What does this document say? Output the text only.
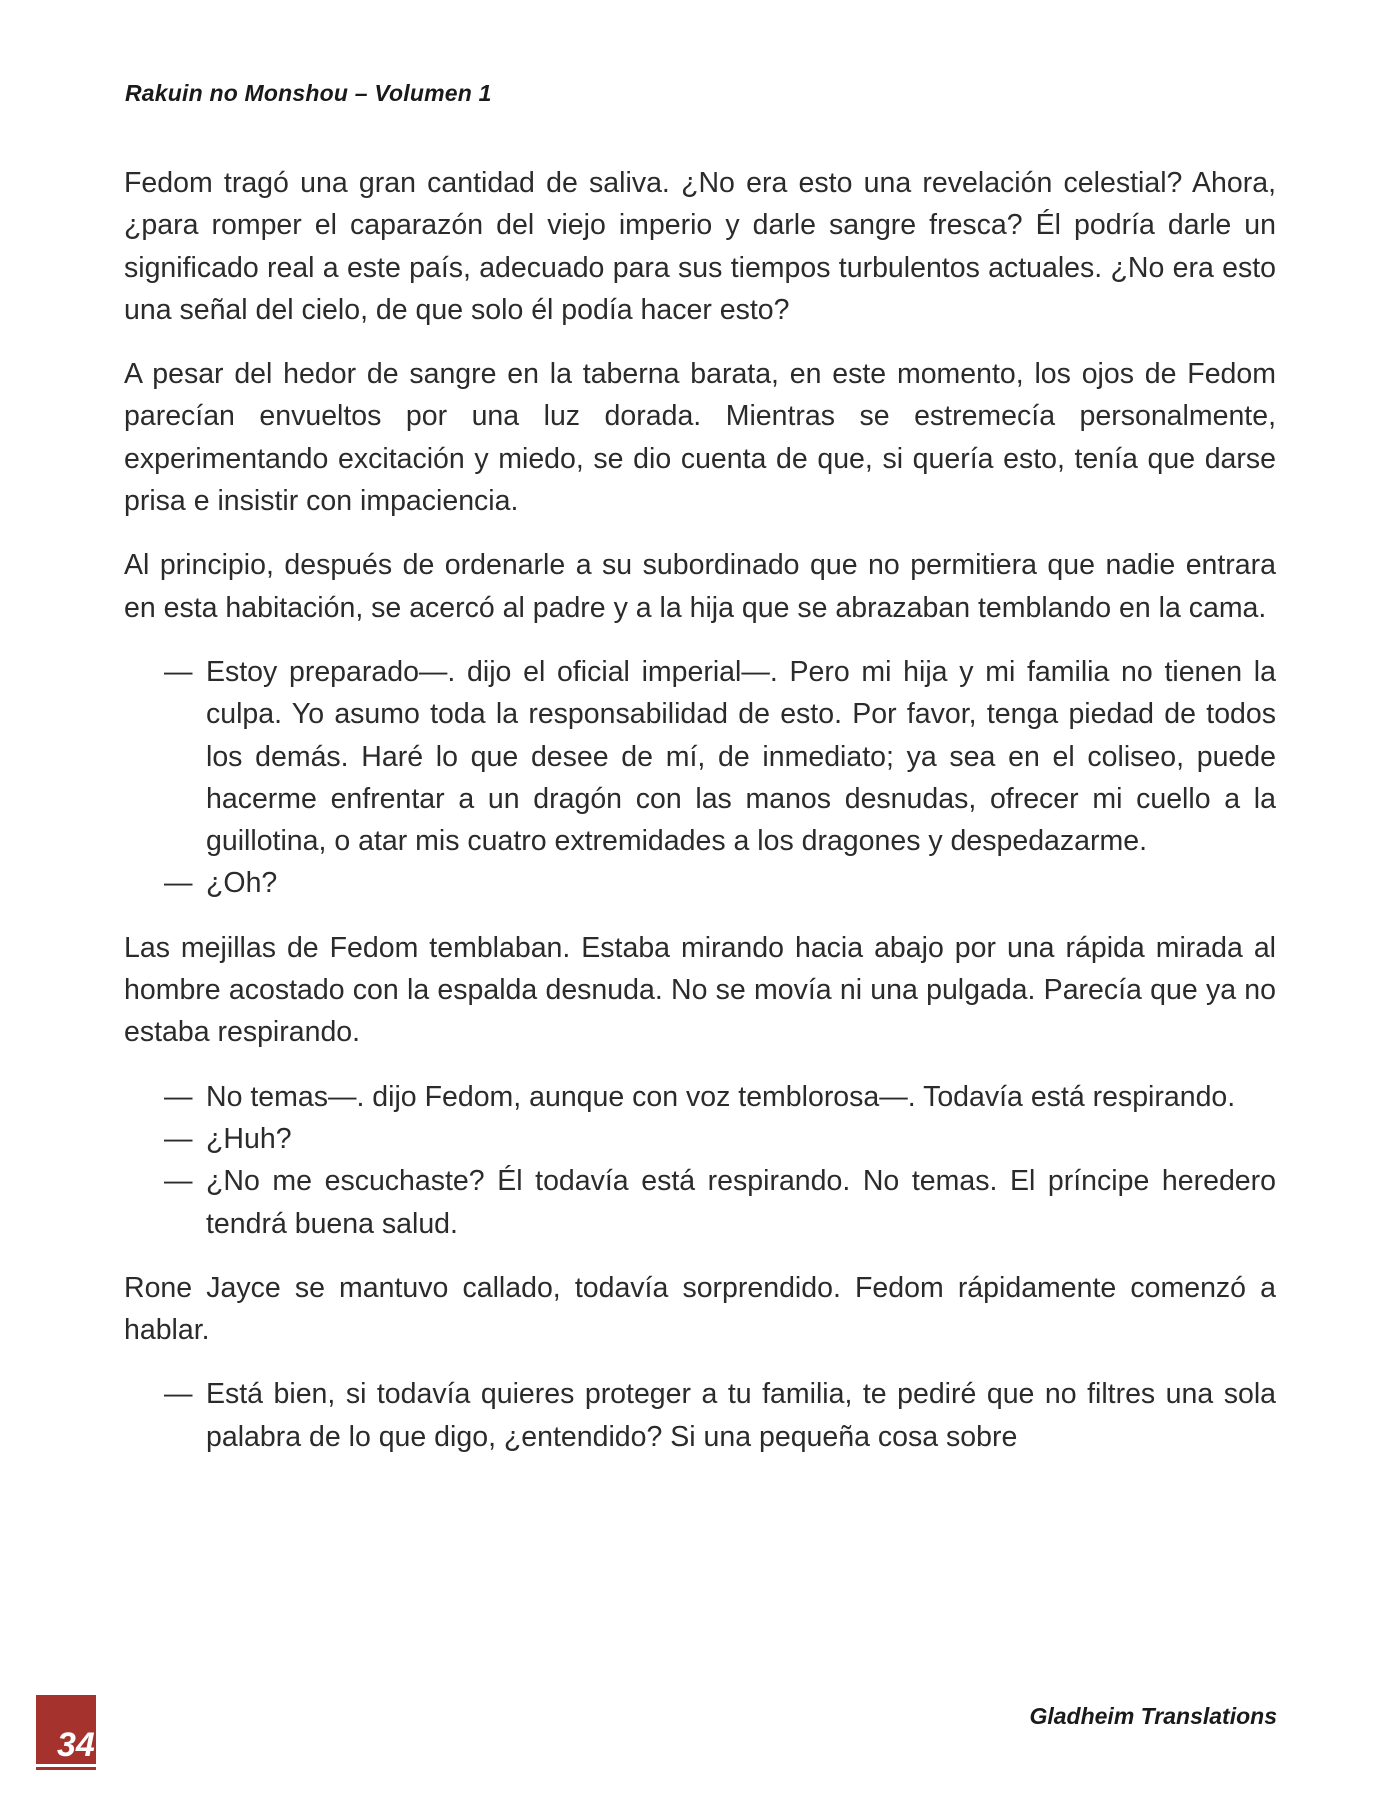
Rakuin no Monshou – Volumen 1

Fedom tragó una gran cantidad de saliva. ¿No era esto una revelación celestial? Ahora, ¿para romper el caparazón del viejo imperio y darle sangre fresca? Él podría darle un significado real a este país, adecuado para sus tiempos turbulentos actuales. ¿No era esto una señal del cielo, de que solo él podía hacer esto?

A pesar del hedor de sangre en la taberna barata, en este momento, los ojos de Fedom parecían envueltos por una luz dorada. Mientras se estremecía personalmente, experimentando excitación y miedo, se dio cuenta de que, si quería esto, tenía que darse prisa e insistir con impaciencia.

Al principio, después de ordenarle a su subordinado que no permitiera que nadie entrara en esta habitación, se acercó al padre y a la hija que se abrazaban temblando en la cama.

— Estoy preparado—. dijo el oficial imperial—. Pero mi hija y mi familia no tienen la culpa. Yo asumo toda la responsabilidad de esto. Por favor, tenga piedad de todos los demás. Haré lo que desee de mí, de inmediato; ya sea en el coliseo, puede hacerme enfrentar a un dragón con las manos desnudas, ofrecer mi cuello a la guillotina, o atar mis cuatro extremidades a los dragones y despedazarme.
— ¿Oh?

Las mejillas de Fedom temblaban. Estaba mirando hacia abajo por una rápida mirada al hombre acostado con la espalda desnuda. No se movía ni una pulgada. Parecía que ya no estaba respirando.

— No temas—. dijo Fedom, aunque con voz temblorosa—. Todavía está respirando.
— ¿Huh?
— ¿No me escuchaste? Él todavía está respirando. No temas. El príncipe heredero tendrá buena salud.

Rone Jayce se mantuvo callado, todavía sorprendido. Fedom rápidamente comenzó a hablar.

— Está bien, si todavía quieres proteger a tu familia, te pediré que no filtres una sola palabra de lo que digo, ¿entendido? Si una pequeña cosa sobre
34
Gladheim Translations
